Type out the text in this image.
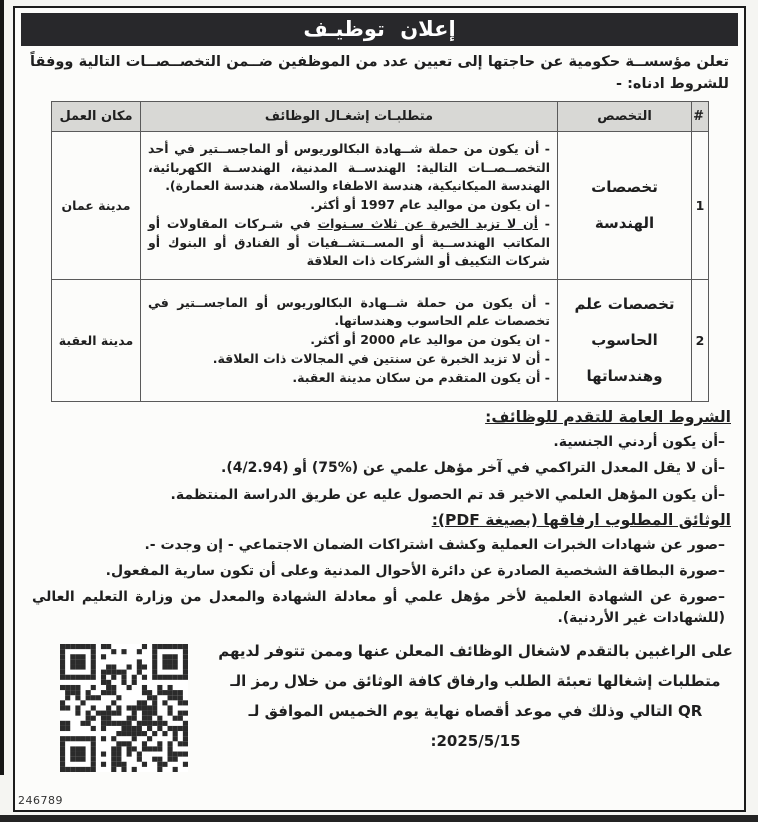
إعلان توظيـف
تعلن مؤسســة حكومية عن حاجتها إلى تعيين عدد من الموظفين ضــمن التخصــصــات التالية ووفقاً للشروط ادناه: -
#	التخصص	متطلبـات إشغـال الوظائف	مكان العمل
1	تخصصات الهندسة	- أن يكون من حملة شــهادة البكالوريوس أو الماجســتير في أحد التخصــصــات التالية: الهندســة المدنية، الهندســة الكهربائية، الهندسة الميكانيكية، هندسة الاطفاء والسلامة، هندسة العمارة).
- ان يكون من مواليد عام 1997 أو أكثر.
- أن لا تزيد الخبرة عن ثلاث سـنوات في شـركات المقاولات أو المكاتب الهندســية أو المســتشــفيات أو الفنادق أو البنوك أو شركات التكييف أو الشركات ذات العلاقة	مدينة عمان
2	تخصصات علم الحاسوب وهندساتها	- أن يكون من حملة شــهادة البكالوريوس أو الماجســتير في تخصصات علم الحاسوب وهندساتها.
- ان يكون من مواليد عام 2000 أو أكثر.
- أن لا تزيد الخبرة عن سنتين في المجالات ذات العلاقة.
- أن يكون المتقدم من سكان مدينة العقبة.	مدينة العقبة
الشروط العامة للتقدم للوظائف:
–أن يكون أردني الجنسية.
–أن لا يقل المعدل التراكمي في آخر مؤهل علمي عن (%75) أو (4/2.94).
–أن يكون المؤهل العلمي الاخير قد تم الحصول عليه عن طريق الدراسة المنتظمة.
الوثائق المطلوب ارفاقها (بصيغة PDF):
–صور عن شهادات الخبرات العملية وكشف اشتراكات الضمان الاجتماعي - إن وجدت -.
–صورة البطاقة الشخصية الصادرة عن دائرة الأحوال المدنية وعلى أن تكون سارية المفعول.
–صورة عن الشهادة العلمية لأخر مؤهل علمي أو معادلة الشهادة والمعدل من وزارة التعليم العالي (للشهادات غير الأردنية).
على الراغبين بالتقدم لاشغال الوظائف المعلن عنها وممن تتوفر لديهم متطلبات إشغالها تعبئة الطلب وارفاق كافة الوثائق من خلال رمز الـ QR التالي وذلك في موعد أقصاه نهاية يوم الخميس الموافق لـ 2025/5/15:
246789
